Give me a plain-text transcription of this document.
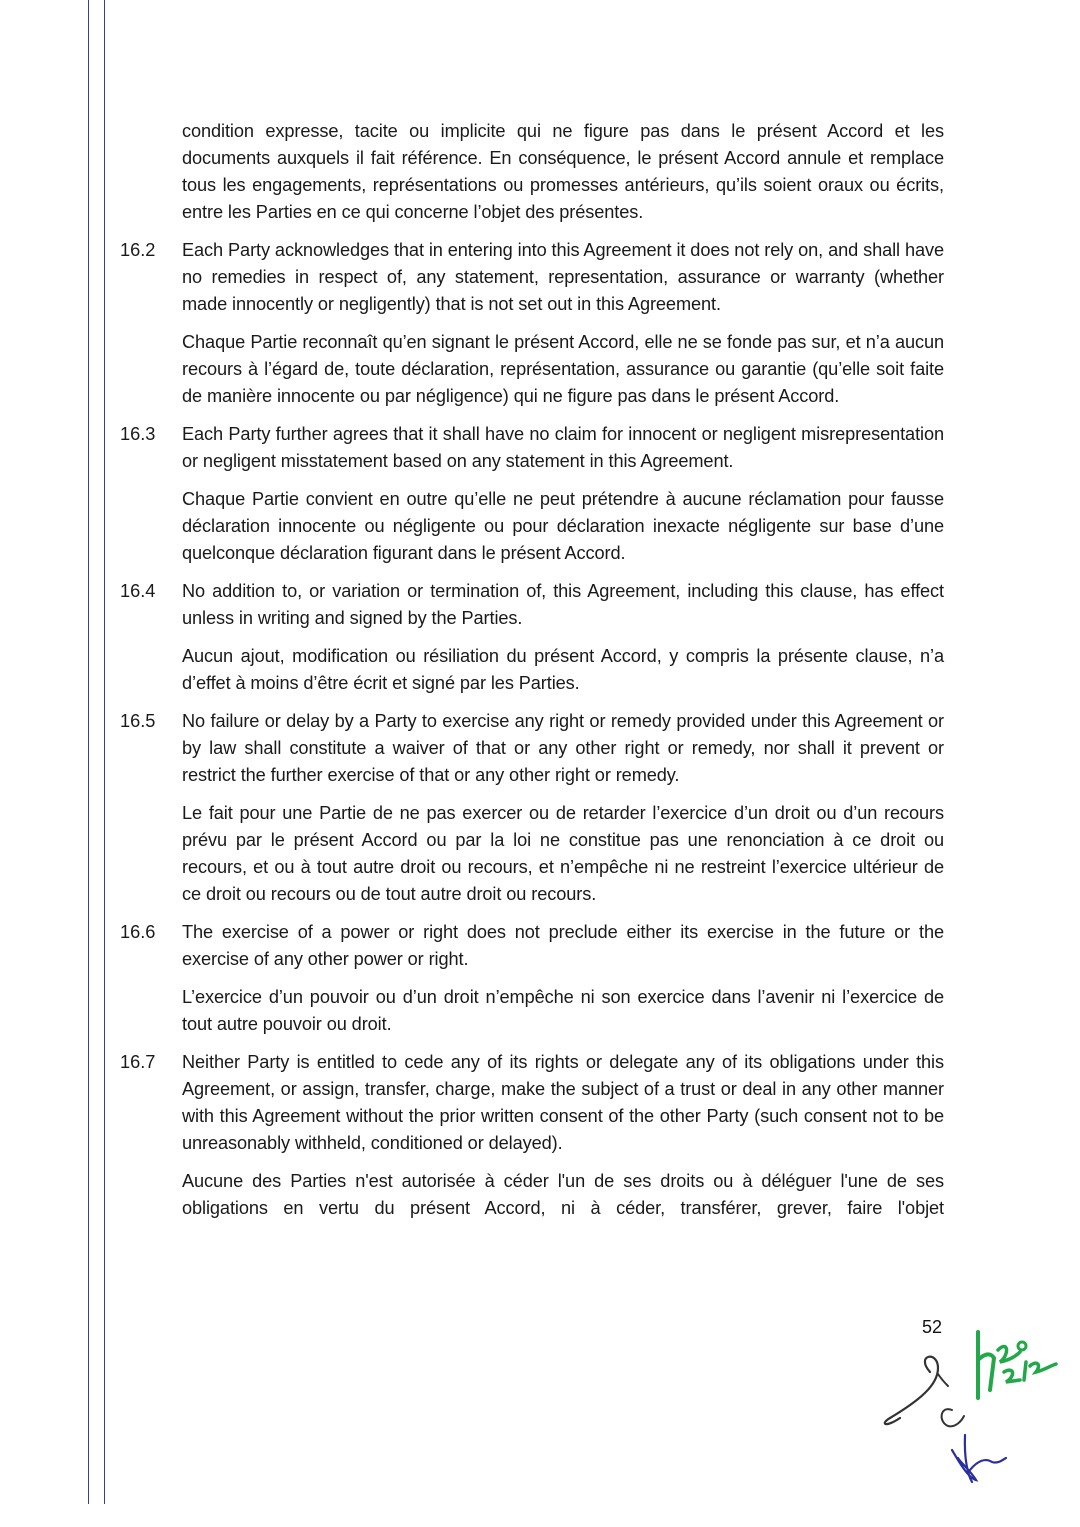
condition expresse, tacite ou implicite qui ne figure pas dans le présent Accord et les documents auxquels il fait référence. En conséquence, le présent Accord annule et remplace tous les engagements, représentations ou promesses antérieurs, qu’ils soient oraux ou écrits, entre les Parties en ce qui concerne l’objet des présentes.

16.2 Each Party acknowledges that in entering into this Agreement it does not rely on, and shall have no remedies in respect of, any statement, representation, assurance or warranty (whether made innocently or negligently) that is not set out in this Agreement.

Chaque Partie reconnaît qu’en signant le présent Accord, elle ne se fonde pas sur, et n’a aucun recours à l’égard de, toute déclaration, représentation, assurance ou garantie (qu’elle soit faite de manière innocente ou par négligence) qui ne figure pas dans le présent Accord.

16.3 Each Party further agrees that it shall have no claim for innocent or negligent misrepresentation or negligent misstatement based on any statement in this Agreement.

Chaque Partie convient en outre qu’elle ne peut prétendre à aucune réclamation pour fausse déclaration innocente ou négligente ou pour déclaration inexacte négligente sur base d’une quelconque déclaration figurant dans le présent Accord.

16.4 No addition to, or variation or termination of, this Agreement, including this clause, has effect unless in writing and signed by the Parties.

Aucun ajout, modification ou résiliation du présent Accord, y compris la présente clause, n’a d’effet à moins d’être écrit et signé par les Parties.

16.5 No failure or delay by a Party to exercise any right or remedy provided under this Agreement or by law shall constitute a waiver of that or any other right or remedy, nor shall it prevent or restrict the further exercise of that or any other right or remedy.

Le fait pour une Partie de ne pas exercer ou de retarder l’exercice d’un droit ou d’un recours prévu par le présent Accord ou par la loi ne constitue pas une renonciation à ce droit ou recours, et ou à tout autre droit ou recours, et n’empêche ni ne restreint l’exercice ultérieur de ce droit ou recours ou de tout autre droit ou recours.

16.6 The exercise of a power or right does not preclude either its exercise in the future or the exercise of any other power or right.

L’exercice d’un pouvoir ou d’un droit n’empêche ni son exercice dans l’avenir ni l’exercice de tout autre pouvoir ou droit.

16.7 Neither Party is entitled to cede any of its rights or delegate any of its obligations under this Agreement, or assign, transfer, charge, make the subject of a trust or deal in any other manner with this Agreement without the prior written consent of the other Party (such consent not to be unreasonably withheld, conditioned or delayed).

Aucune des Parties n'est autorisée à céder l'un de ses droits ou à déléguer l'une de ses obligations en vertu du présent Accord, ni à céder, transférer, grever, faire l'objet

52
